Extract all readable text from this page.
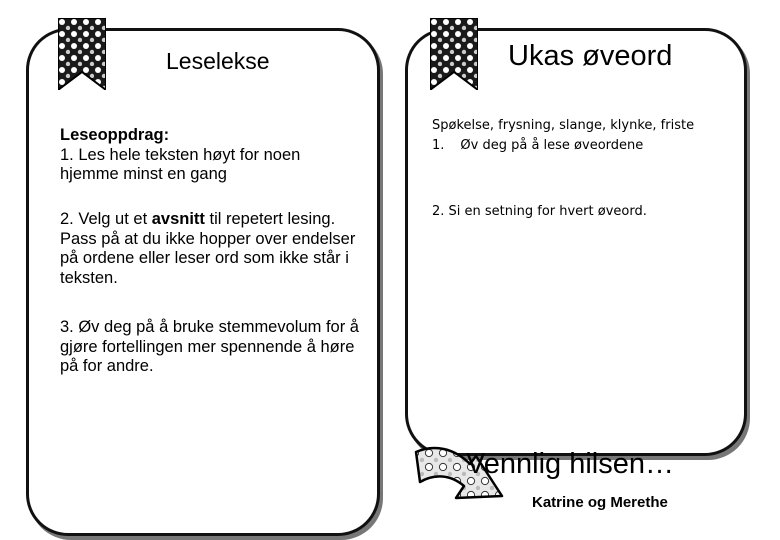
Leselekse

Leseoppdrag:

1. Les hele teksten høyt for noen hjemme minst en gang

2. Velg ut et avsnitt til repetert lesing. Pass på at du ikke hopper over endelser på ordene eller leser ord som ikke står i teksten.

3. Øv deg på å bruke stemmevolum for å gjøre fortellingen mer spennende å høre på for andre.

Ukas øveord

Spøkelse, frysning, slange, klynke, friste

1. Øv deg på å lese øveordene

2. Si en setning for hvert øveord.

Vennlig hilsen…
Katrine og Merethe
